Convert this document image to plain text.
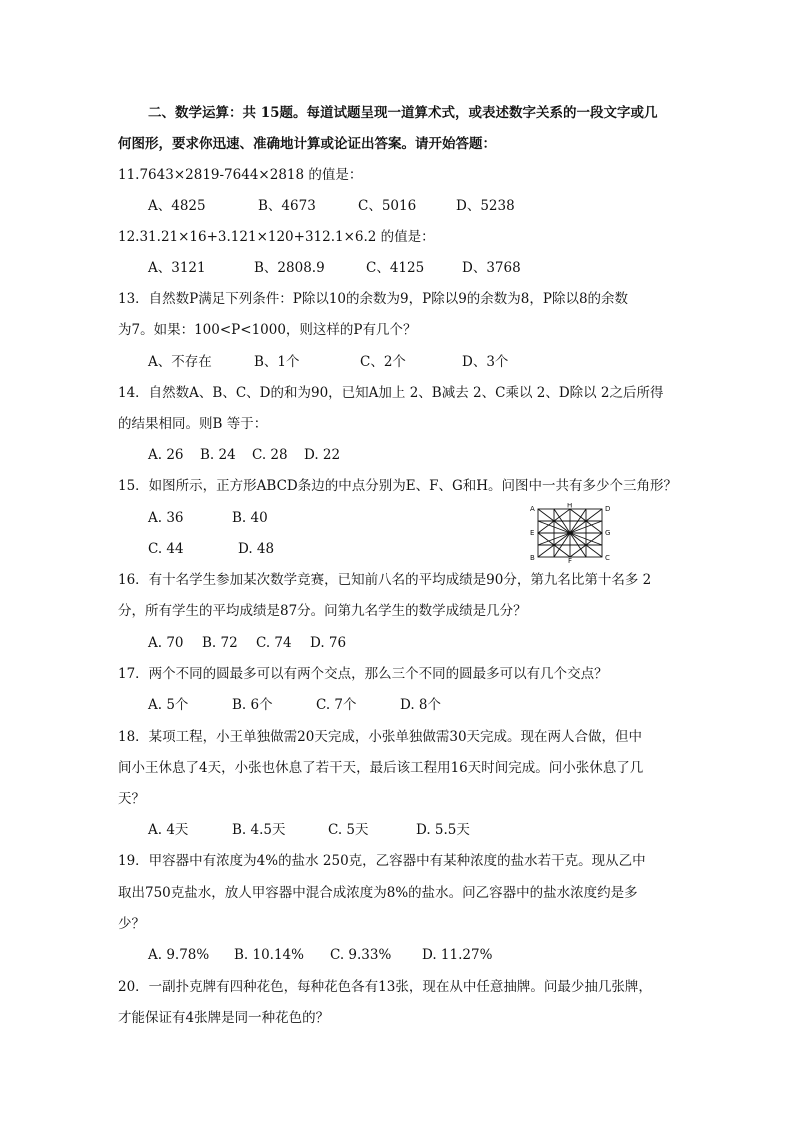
二、数学运算：共 15题。每道试题呈现一道算术式，或表述数字关系的一段文字或几
何图形，要求你迅速、准确地计算或论证出答案。请开始答题：
11.7643×2819-7644×2818 的值是：
A、4825	B、4673	C、5016	D、5238
12.31.21×16+3.121×120+312.1×6.2 的值是：
A、3121	B、2808.9	C、4125	D、3768
13．自然数P满足下列条件：P除以10的余数为9，P除以9的余数为8，P除以8的余数
为7。如果：100<P<1000，则这样的P有几个？
A、不存在	B、1个	C、2个	D、3个
14．自然数A、B、C、D的和为90，已知A加上 2、B减去 2、C乘以 2、D除以 2之后所得
的结果相同。则B 等于：
A. 26 B. 24 C. 28 D. 22
15．如图所示，正方形ABCD条边的中点分别为E、F、G和H。问图中一共有多少个三角形？
A. 36	B. 40
C. 44	D. 48
A	H	D
E	G
B	F	C
16．有十名学生参加某次数学竞赛，已知前八名的平均成绩是90分，第九名比第十名多 2
分，所有学生的平均成绩是87分。问第九名学生的数学成绩是几分？
A. 70 B. 72 C. 74 D. 76
17．两个不同的圆最多可以有两个交点，那么三个不同的圆最多可以有几个交点？
A. 5个	B. 6个	C. 7个	D. 8个
18．某项工程，小王单独做需20天完成，小张单独做需30天完成。现在两人合做，但中
间小王休息了4天，小张也休息了若干天，最后该工程用16天时间完成。问小张休息了几
天？
A. 4天	B. 4.5天	C. 5天	D. 5.5天
19．甲容器中有浓度为4%的盐水 250克，乙容器中有某种浓度的盐水若干克。现从乙中
取出750克盐水，放人甲容器中混合成浓度为8%的盐水。问乙容器中的盐水浓度约是多
少？
A. 9.78% B. 10.14% C. 9.33% D. 11.27%
20．一副扑克牌有四种花色，每种花色各有13张，现在从中任意抽牌。问最少抽几张牌，
才能保证有4张牌是同一种花色的？
